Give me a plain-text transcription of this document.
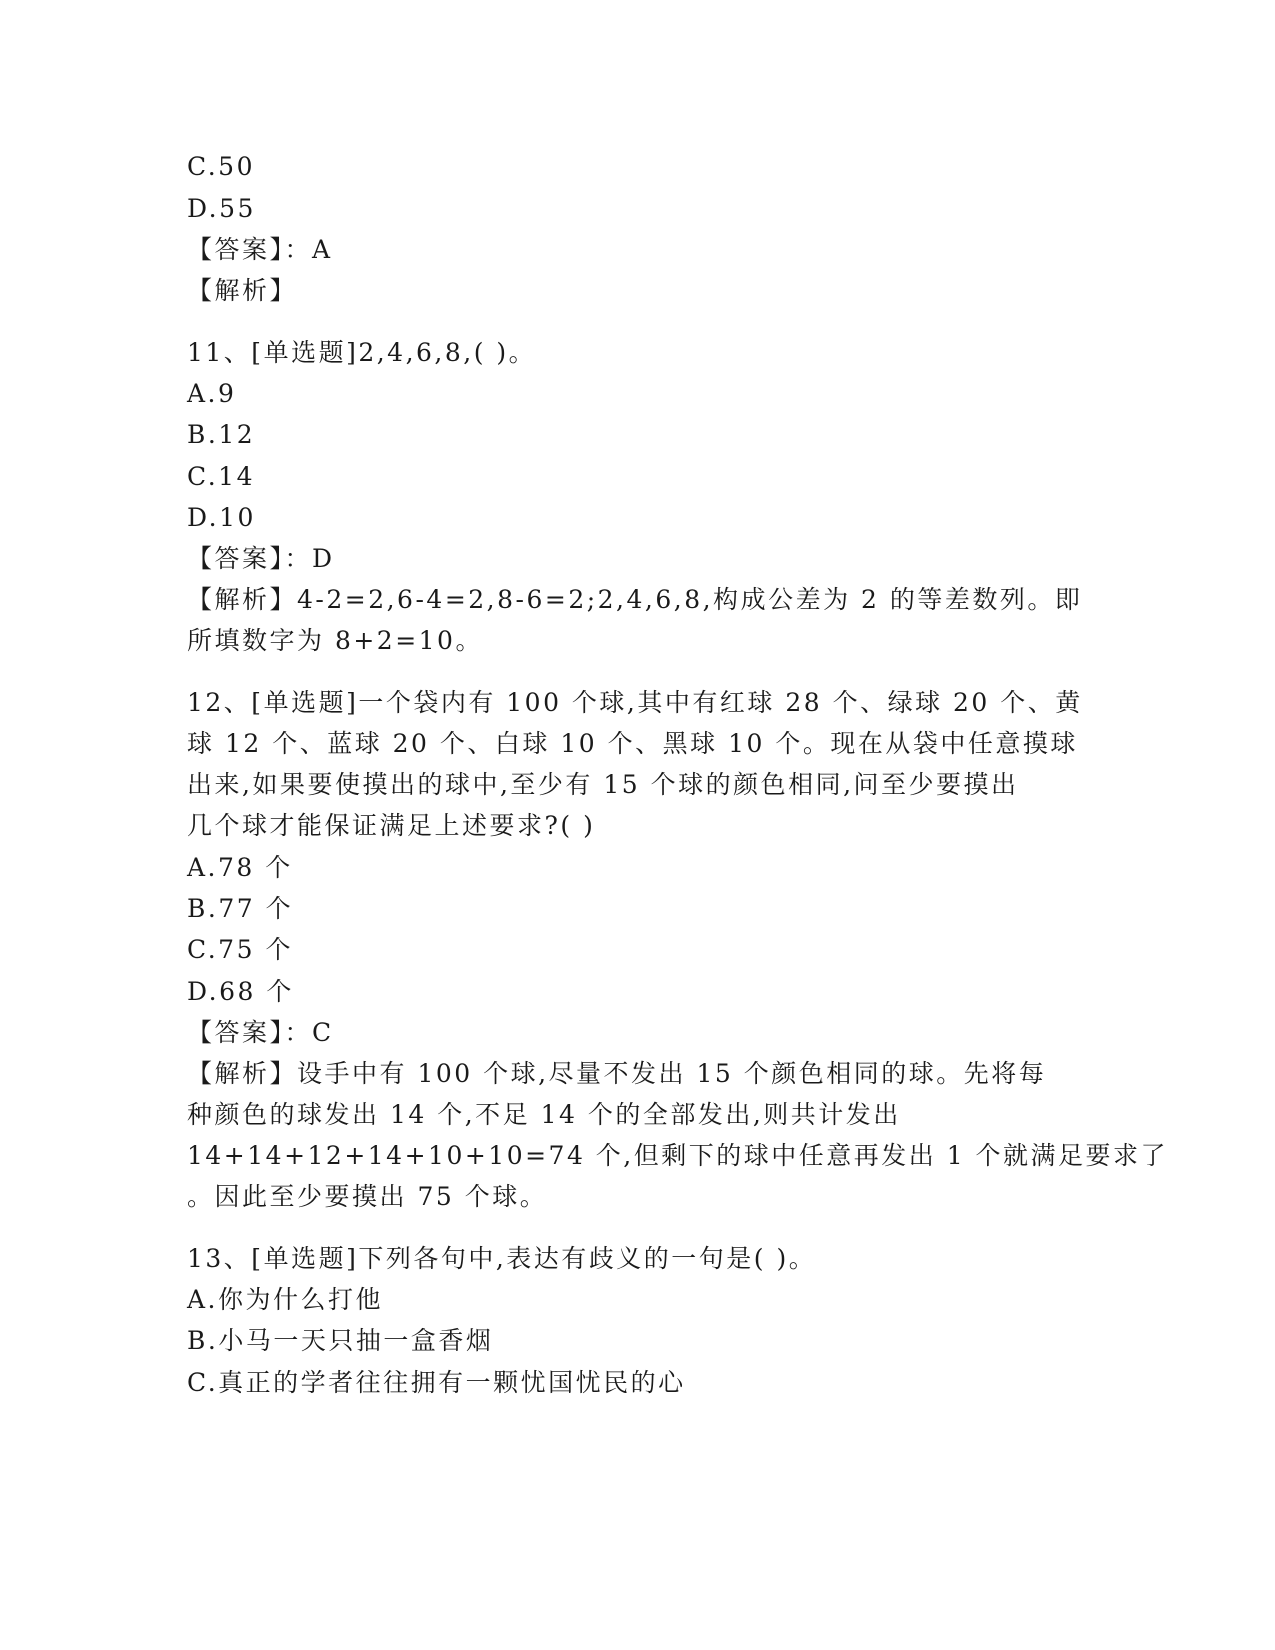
C.50
D.55
【答案】：A
【解析】
11、[单选题]2,4,6,8,( )。
A.9
B.12
C.14
D.10
【答案】：D
【解析】4-2=2,6-4=2,8-6=2;2,4,6,8,构成公差为 2 的等差数列。即
所填数字为 8+2=10。
12、[单选题]一个袋内有 100 个球,其中有红球 28 个、绿球 20 个、黄
球 12 个、蓝球 20 个、白球 10 个、黑球 10 个。现在从袋中任意摸球
出来,如果要使摸出的球中,至少有 15 个球的颜色相同,问至少要摸出
几个球才能保证满足上述要求?( )
A.78 个
B.77 个
C.75 个
D.68 个
【答案】：C
【解析】设手中有 100 个球,尽量不发出 15 个颜色相同的球。先将每
种颜色的球发出 14 个,不足 14 个的全部发出,则共计发出
14+14+12+14+10+10=74 个,但剩下的球中任意再发出 1 个就满足要求了
。因此至少要摸出 75 个球。
13、[单选题]下列各句中,表达有歧义的一句是( )。
A.你为什么打他
B.小马一天只抽一盒香烟
C.真正的学者往往拥有一颗忧国忧民的心
